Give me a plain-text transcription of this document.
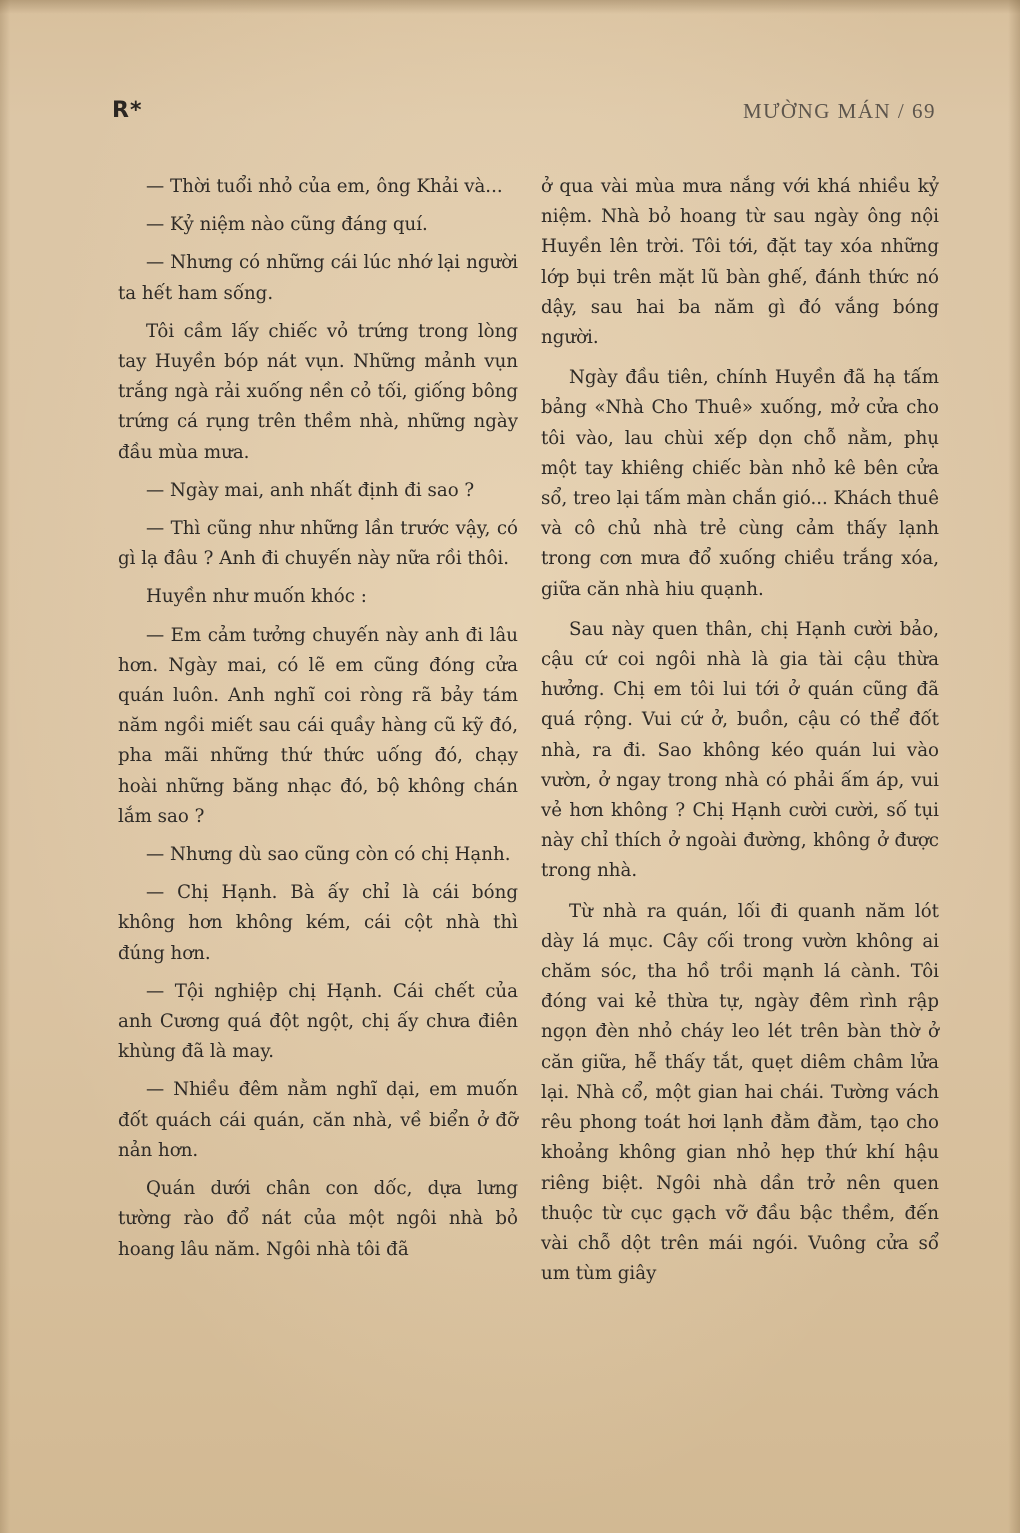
R*	MƯỜNG MÁN / 69

— Thời tuổi nhỏ của em, ông Khải và...

— Kỷ niệm nào cũng đáng quí.

— Nhưng có những cái lúc nhớ lại người ta hết ham sống.

Tôi cầm lấy chiếc vỏ trứng trong lòng tay Huyền bóp nát vụn. Những mảnh vụn trắng ngà rải xuống nền cỏ tối, giống bông trứng cá rụng trên thềm nhà, những ngày đầu mùa mưa.

— Ngày mai, anh nhất định đi sao ?

— Thì cũng như những lần trước vậy, có gì lạ đâu ? Anh đi chuyến này nữa rồi thôi.

Huyền như muốn khóc :

— Em cảm tưởng chuyến này anh đi lâu hơn. Ngày mai, có lẽ em cũng đóng cửa quán luôn. Anh nghĩ coi ròng rã bảy tám năm ngồi miết sau cái quầy hàng cũ kỹ đó, pha mãi những thứ thức uống đó, chạy hoài những băng nhạc đó, bộ không chán lắm sao ?

— Nhưng dù sao cũng còn có chị Hạnh.

— Chị Hạnh. Bà ấy chỉ là cái bóng không hơn không kém, cái cột nhà thì đúng hơn.

— Tội nghiệp chị Hạnh. Cái chết của anh Cương quá đột ngột, chị ấy chưa điên khùng đã là may.

— Nhiều đêm nằm nghĩ dại, em muốn đốt quách cái quán, căn nhà, về biển ở đỡ nản hơn.

Quán dưới chân con dốc, dựa lưng tường rào đổ nát của một ngôi nhà bỏ hoang lâu năm. Ngôi nhà tôi đã

ở qua vài mùa mưa nắng với khá nhiều kỷ niệm. Nhà bỏ hoang từ sau ngày ông nội Huyền lên trời. Tôi tới, đặt tay xóa những lớp bụi trên mặt lũ bàn ghế, đánh thức nó dậy, sau hai ba năm gì đó vắng bóng người.

Ngày đầu tiên, chính Huyền đã hạ tấm bảng «Nhà Cho Thuê» xuống, mở cửa cho tôi vào, lau chùi xếp dọn chỗ nằm, phụ một tay khiêng chiếc bàn nhỏ kê bên cửa sổ, treo lại tấm màn chắn gió... Khách thuê và cô chủ nhà trẻ cùng cảm thấy lạnh trong cơn mưa đổ xuống chiều trắng xóa, giữa căn nhà hiu quạnh.

Sau này quen thân, chị Hạnh cười bảo, cậu cứ coi ngôi nhà là gia tài cậu thừa hưởng. Chị em tôi lui tới ở quán cũng đã quá rộng. Vui cứ ở, buồn, cậu có thể đốt nhà, ra đi. Sao không kéo quán lui vào vườn, ở ngay trong nhà có phải ấm áp, vui vẻ hơn không ? Chị Hạnh cười cười, số tụi này chỉ thích ở ngoài đường, không ở được trong nhà.

Từ nhà ra quán, lối đi quanh năm lót dày lá mục. Cây cối trong vườn không ai chăm sóc, tha hồ trồi mạnh lá cành. Tôi đóng vai kẻ thừa tự, ngày đêm rình rập ngọn đèn nhỏ cháy leo lét trên bàn thờ ở căn giữa, hễ thấy tắt, quẹt diêm châm lửa lại. Nhà cổ, một gian hai chái. Tường vách rêu phong toát hơi lạnh đằm đằm, tạo cho khoảng không gian nhỏ hẹp thứ khí hậu riêng biệt. Ngôi nhà dần trở nên quen thuộc từ cục gạch vỡ đầu bậc thềm, đến vài chỗ dột trên mái ngói. Vuông cửa sổ um tùm giây
